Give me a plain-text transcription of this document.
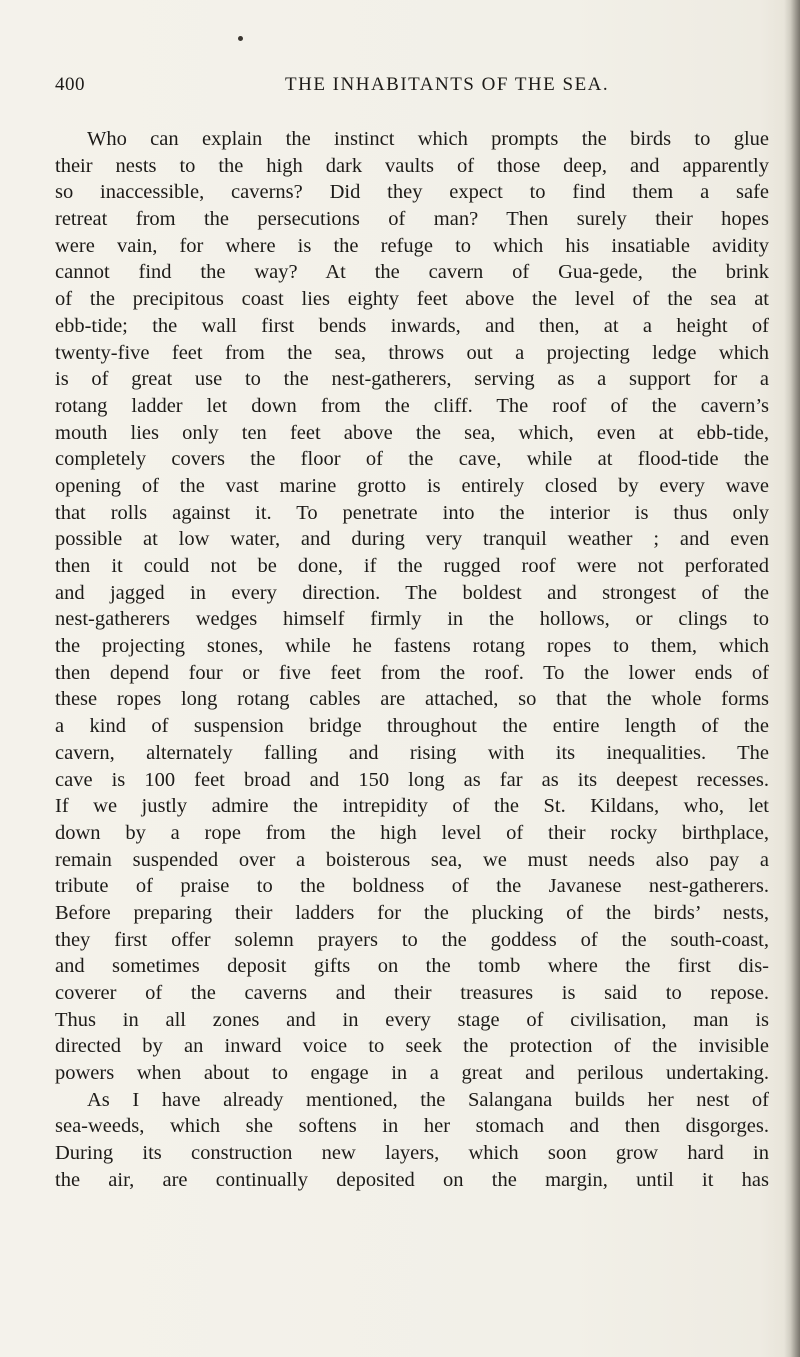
400	THE INHABITANTS OF THE SEA.
Who can explain the instinct which prompts the birds to glue
their nests to the high dark vaults of those deep, and apparently
so inaccessible, caverns? Did they expect to find them a safe
retreat from the persecutions of man? Then surely their hopes
were vain, for where is the refuge to which his insatiable avidity
cannot find the way? At the cavern of Gua-gede, the brink
of the precipitous coast lies eighty feet above the level of the sea at
ebb-tide; the wall first bends inwards, and then, at a height of
twenty-five feet from the sea, throws out a projecting ledge which
is of great use to the nest-gatherers, serving as a support for a
rotang ladder let down from the cliff. The roof of the cavern’s
mouth lies only ten feet above the sea, which, even at ebb-tide,
completely covers the floor of the cave, while at flood-tide the
opening of the vast marine grotto is entirely closed by every wave
that rolls against it. To penetrate into the interior is thus only
possible at low water, and during very tranquil weather ; and even
then it could not be done, if the rugged roof were not perforated
and jagged in every direction. The boldest and strongest of the
nest-gatherers wedges himself firmly in the hollows, or clings to
the projecting stones, while he fastens rotang ropes to them, which
then depend four or five feet from the roof. To the lower ends of
these ropes long rotang cables are attached, so that the whole forms
a kind of suspension bridge throughout the entire length of the
cavern, alternately falling and rising with its inequalities. The
cave is 100 feet broad and 150 long as far as its deepest recesses.
If we justly admire the intrepidity of the St. Kildans, who, let
down by a rope from the high level of their rocky birthplace,
remain suspended over a boisterous sea, we must needs also pay a
tribute of praise to the boldness of the Javanese nest-gatherers.
Before preparing their ladders for the plucking of the birds’ nests,
they first offer solemn prayers to the goddess of the south-coast,
and sometimes deposit gifts on the tomb where the first dis-
coverer of the caverns and their treasures is said to repose.
Thus in all zones and in every stage of civilisation, man is
directed by an inward voice to seek the protection of the invisible
powers when about to engage in a great and perilous undertaking.
As I have already mentioned, the Salangana builds her nest of
sea-weeds, which she softens in her stomach and then disgorges.
During its construction new layers, which soon grow hard in
the air, are continually deposited on the margin, until it has
